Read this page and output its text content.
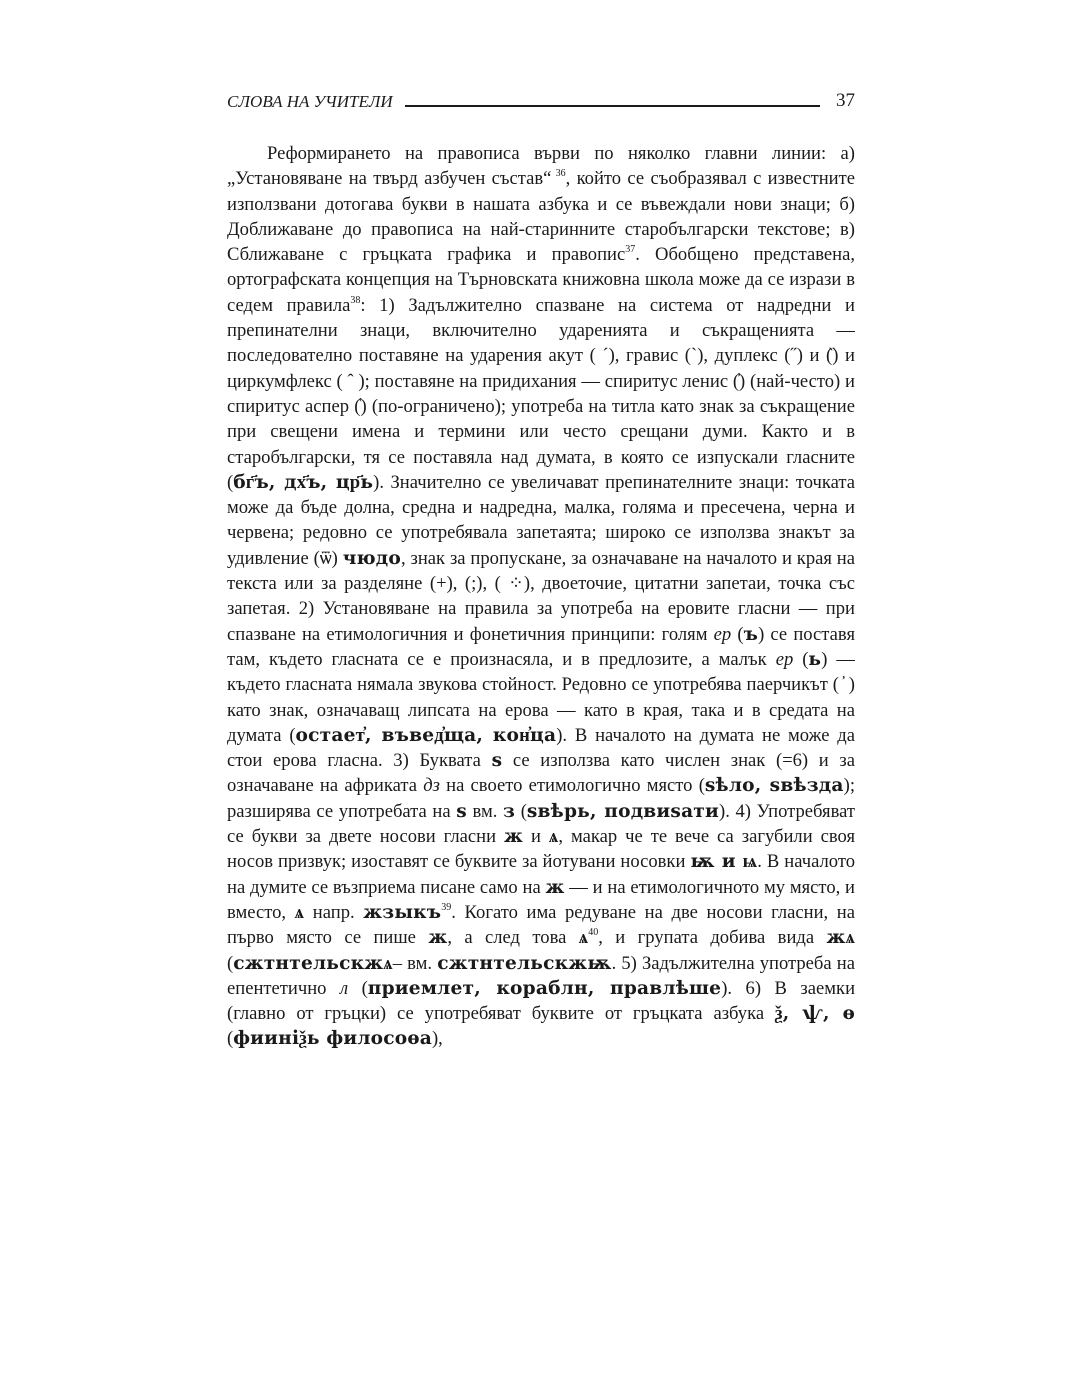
СЛОВА НА УЧИТЕЛИ	37

Реформирането на правописа върви по няколко главни линии: а) „Установяване на твърд азбучен състав“ $^{36}$, който се съобразявал с известните използвани дотогава букви в нашата азбука и се въвеждали нови знаци; б) Доближаване до правописа на най-старинните старобългарски текстове; в) Сближаване с гръцката графика и правопис$^{37}$. Обобщено представена, ортографската концепция на Търновската книжовна школа може да се изрази в седем правила$^{38}$: 1) Задължително спазване на система от надредни и препинателни знаци, включително ударенията и съкращенията — последователно поставяне на ударения акут ( ´), гравис (`), дуплекс (˝) и (̏) и циркумфлекс ( ˆ ); поставяне на придихания — спиритус ленис (̓) (най-често) и спиритус аспер (̔) (по-ограничено); употреба на титла като знак за съкращение при свещени имена и термини или често срещани думи. Както и в старобългарски, тя се поставяла над думата, в която се изпускали гласните (бг҃ъ, дх҃ъ, цр҃ь). Значително се увеличават препинателните знаци: точката може да бъде долна, средна и надредна, малка, голяма и пресечена, черна и червена; редовно се употребявала запетаята; широко се използва знакът за удивление (ѿ) чюдо, знак за пропускане, за означаване на началото и края на текста или за разделяне (+), (;), ( ⁘), двоеточие, цитатни запетаи, точка със запетая. 2) Установяване на правила за употреба на еровите гласни — при спазване на етимологичния и фонетичния принципи: голям ер (ъ) се поставя там, където гласната се е произнасяла, и в предлозите, а малък ер (ь) — където гласната нямала звукова стойност. Редовно се употребява паерчикът ( ҆ ) като знак, означаващ липсата на ерова — като в края, така и в средата на думата (остает҆, въвед҆ща, кон҆ца). В началото на думата не може да стои ерова гласна. 3) Буквата ѕ се използва като числен знак (=6) и за означаване на африката дз на своето етимологично място (ѕѣло, ѕвѣзда); разширява се употребата на ѕ вм. з (ѕвѣрь, подвиѕати). 4) Употребяват се букви за двете носови гласни ж и ѧ, макар че те вече са загубили своя носов призвук; изоставят се буквите за йотувани носовки ѭ и ѩ. В началото на думите се възприема писане само на ж — и на етимологичното му място, и вместо, ѧ напр. жзыкъ$^{39}$. Когато има редуване на две носови гласни, на първо място се пише ж, а след това $ѧ^{40}$, и групата добива вида жѧ (сжтнтельскжѧ– вм. сжтнтельскжѭ. 5) Задължителна употреба на епентетично л (приемлет, кораблн, правлѣше). 6) В заемки (главно от гръцки) се употребяват буквите от гръцката азбука ѯ, ѱ, ѳ (фииніѯь филосоѳа),
